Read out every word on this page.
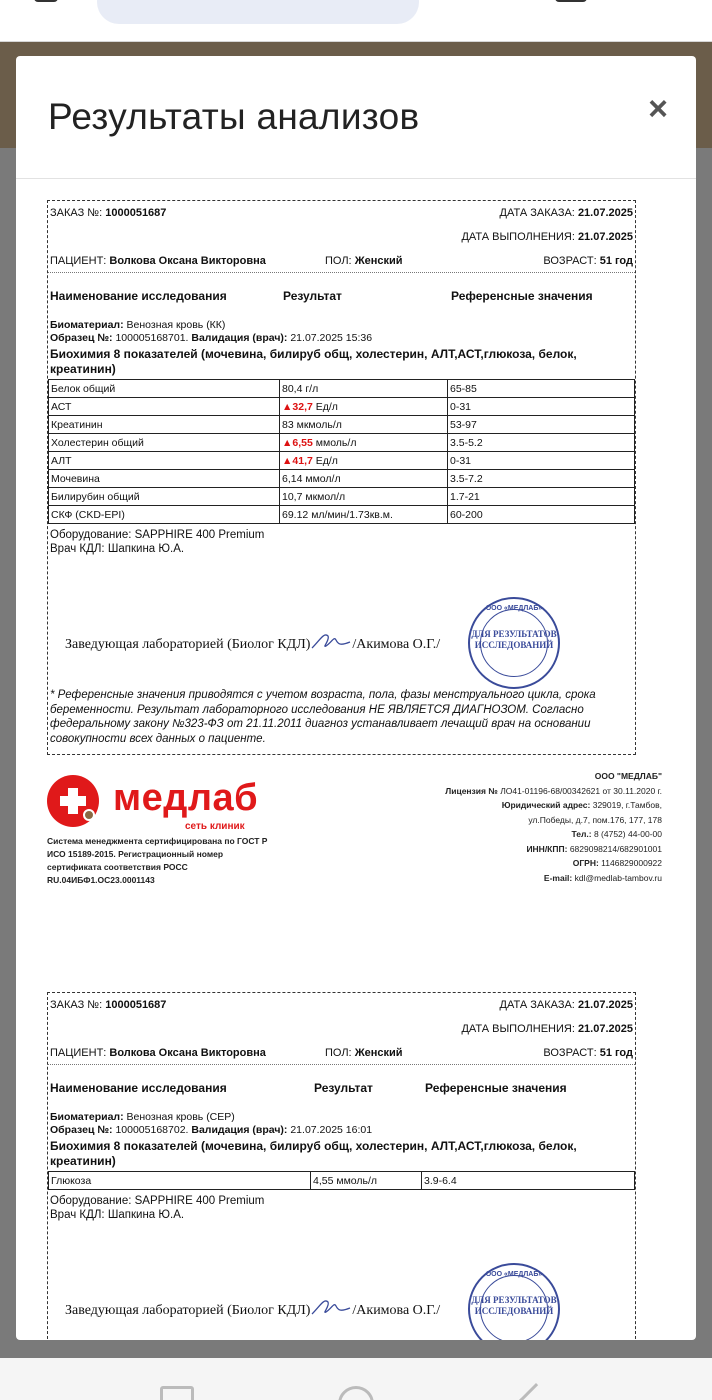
Результаты анализов	×
ЗАКАЗ №: 1000051687	ДАТА ЗАКАЗА: 21.07.2025
ДАТА ВЫПОЛНЕНИЯ: 21.07.2025
ПАЦИЕНТ: Волкова Оксана Викторовна	ПОЛ: Женский	ВОЗРАСТ: 51 год
Наименование исследования	Результат	Референсные значения
Биоматериал: Венозная кровь (КК)
Образец №: 100005168701. Валидация (врач): 21.07.2025 15:36
Биохимия 8 показателей (мочевина, билируб общ, холестерин, АЛТ,АСТ,глюкоза, белок, креатинин)
Белок общий	80,4 г/л	65-85
АСТ	▲32,7 Ед/л	0-31
Креатинин	83 мкмоль/л	53-97
Холестерин общий	▲6,55 ммоль/л	3.5-5.2
АЛТ	▲41,7 Ед/л	0-31
Мочевина	6,14 ммол/л	3.5-7.2
Билирубин общий	10,7 мкмол/л	1.7-21
СКФ (CKD-EPI)	69.12 мл/мин/1.73кв.м.	60-200
Оборудование: SAPPHIRE 400 Premium
Врач КДЛ: Шапкина Ю.А.
Заведующая лабораторией (Биолог КДЛ)	/Акимова О.Г./
ООО «МЕДЛАБ»
ДЛЯ РЕЗУЛЬТАТОВ ИССЛЕДОВАНИЙ
* Референсные значения приводятся с учетом возраста, пола, фазы менструального цикла, срока беременности. Результат лабораторного исследования НЕ ЯВЛЯЕТСЯ ДИАГНОЗОМ. Согласно федеральному закону №323-ФЗ от 21.11.2011 диагноз устанавливает лечащий врач на основании совокупности всех данных о пациенте.
медлаб
сеть клиник
Система менеджмента сертифицирована по ГОСТ Р ИСО 15189-2015. Регистрационный номер сертификата соответствия РОСС RU.04ИБФ1.ОС23.0001143
ООО "МЕДЛАБ"
Лицензия № ЛО41-01196-68/00342621 от 30.11.2020 г.
Юридический адрес: 329019, г.Тамбов,
ул.Победы, д.7, пом.176, 177, 178
Тел.: 8 (4752) 44-00-00
ИНН/КПП: 6829098214/682901001
ОГРН: 1146829000922
E-mail: kdl@medlab-tambov.ru
ЗАКАЗ №: 1000051687	ДАТА ЗАКАЗА: 21.07.2025
ДАТА ВЫПОЛНЕНИЯ: 21.07.2025
ПАЦИЕНТ: Волкова Оксана Викторовна	ПОЛ: Женский	ВОЗРАСТ: 51 год
Наименование исследования	Результат	Референсные значения
Биоматериал: Венозная кровь (СЕР)
Образец №: 100005168702. Валидация (врач): 21.07.2025 16:01
Биохимия 8 показателей (мочевина, билируб общ, холестерин, АЛТ,АСТ,глюкоза, белок, креатинин)
Глюкоза	4,55 ммоль/л	3.9-6.4
Оборудование: SAPPHIRE 400 Premium
Врач КДЛ: Шапкина Ю.А.
Заведующая лабораторией (Биолог КДЛ)	/Акимова О.Г./
ООО «МЕДЛАБ»
ДЛЯ РЕЗУЛЬТАТОВ ИССЛЕДОВАНИЙ
